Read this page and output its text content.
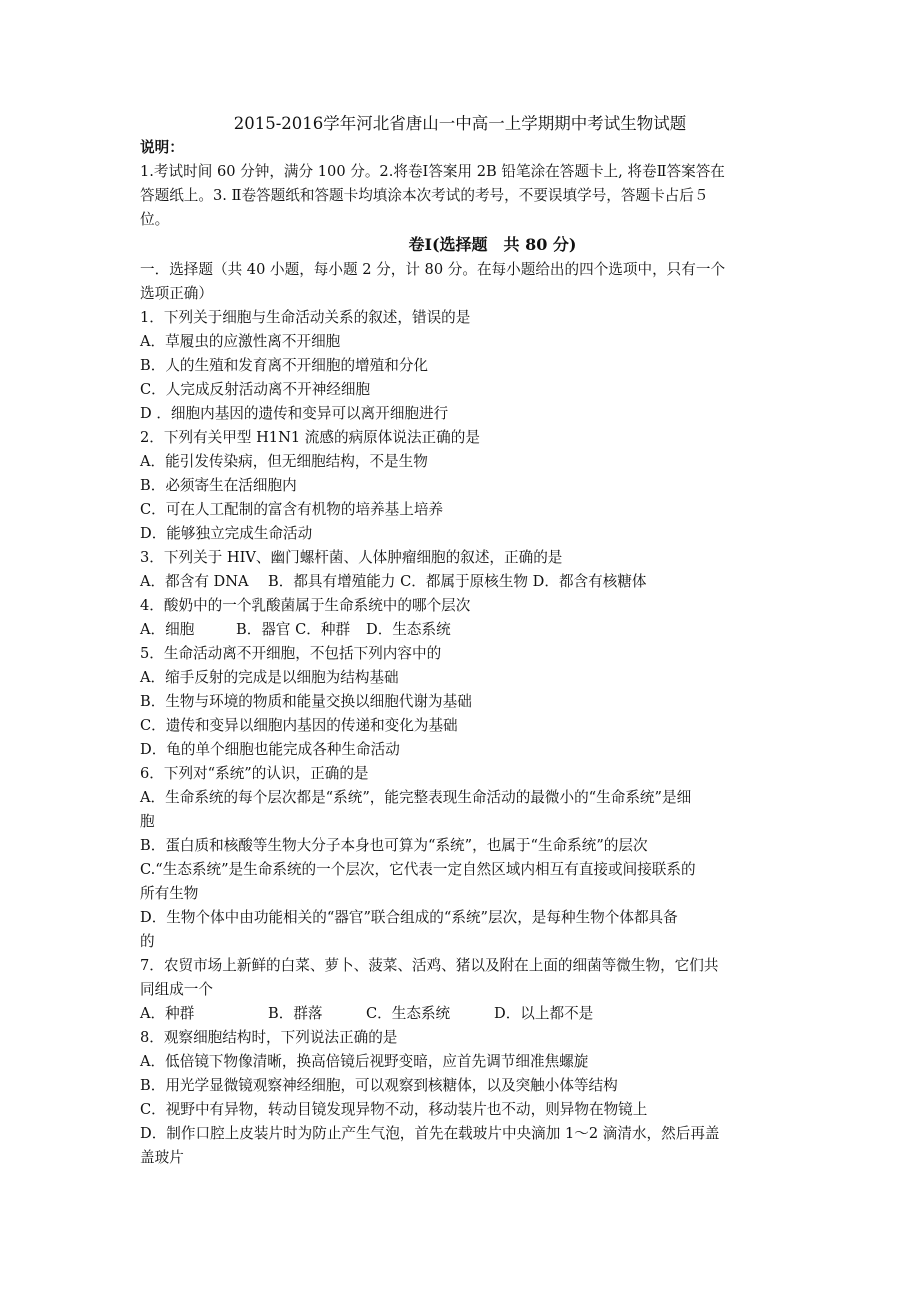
2015-2016学年河北省唐山一中高一上学期期中考试生物试题
说明：
1.考试时间 60 分钟，满分 100 分。2.将卷Ⅰ答案用 2B 铅笔涂在答题卡上, 将卷Ⅱ答案答在
答题纸上。3. Ⅱ卷答题纸和答题卡均填涂本次考试的考号，不要误填学号，答题卡占后５
位。
卷Ⅰ(选择题　共 80 分)
一．选择题（共 40 小题，每小题 2 分，计 80 分。在每小题给出的四个选项中，只有一个
选项正确）
1．下列关于细胞与生命活动关系的叙述，错误的是
A．草履虫的应激性离不开细胞
B．人的生殖和发育离不开细胞的增殖和分化
C．人完成反射活动离不开神经细胞
D ．细胞内基因的遗传和变异可以离开细胞进行
2．下列有关甲型 H1N1 流感的病原体说法正确的是
A．能引发传染病，但无细胞结构，不是生物
B．必须寄生在活细胞内
C．可在人工配制的富含有机物的培养基上培养
D．能够独立完成生命活动
3．下列关于 HIV、幽门螺杆菌、人体肿瘤细胞的叙述，正确的是
A．都含有 DNA B．都具有增殖能力 C．都属于原核生物 D．都含有核糖体
4．酸奶中的一个乳酸菌属于生命系统中的哪个层次
A．细胞	B．器官 C．种群 D．生态系统
5．生命活动离不开细胞，不包括下列内容中的
A．缩手反射的完成是以细胞为结构基础
B．生物与环境的物质和能量交换以细胞代谢为基础
C．遗传和变异以细胞内基因的传递和变化为基础
D．龟的单个细胞也能完成各种生命活动
6．下列对“系统”的认识，正确的是
A．生命系统的每个层次都是“系统”，能完整表现生命活动的最微小的“生命系统”是细
胞
B．蛋白质和核酸等生物大分子本身也可算为“系统”，也属于“生命系统”的层次
C.“生态系统”是生命系统的一个层次，它代表一定自然区域内相互有直接或间接联系的
所有生物
D．生物个体中由功能相关的“器官”联合组成的“系统”层次，是每种生物个体都具备
的
7．农贸市场上新鲜的白菜、萝卜、菠菜、活鸡、猪以及附在上面的细菌等微生物，它们共
同组成一个
A．种群	B．群落	C．生态系统	D．以上都不是
8．观察细胞结构时，下列说法正确的是
A．低倍镜下物像清晰，换高倍镜后视野变暗，应首先调节细准焦螺旋
B．用光学显微镜观察神经细胞，可以观察到核糖体，以及突触小体等结构
C．视野中有异物，转动目镜发现异物不动，移动装片也不动，则异物在物镜上
D．制作口腔上皮装片时为防止产生气泡，首先在载玻片中央滴加 1～2 滴清水，然后再盖
盖玻片
